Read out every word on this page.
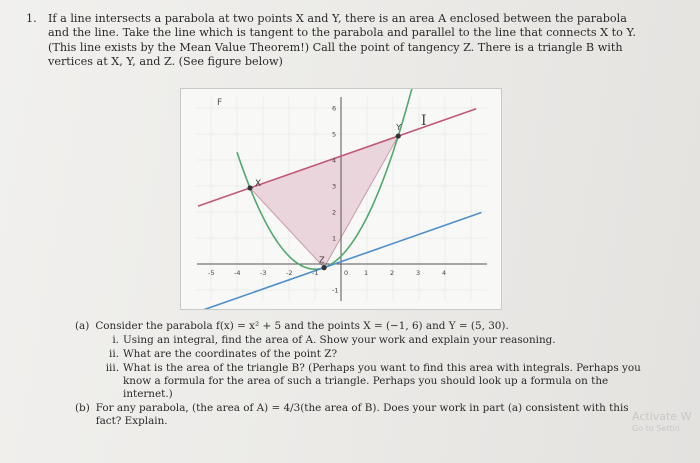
1.	If a line intersects a parabola at two points X and Y, there is an area A enclosed between the parabola and the line. Take the line which is tangent to the parabola and parallel to the line that connects X to Y. (This line exists by the Mean Value Theorem!) Call the point of tangency Z. There is a triangle B with vertices at X, Y, and Z. (See figure below)
-5	-4	-3	-2	-1	0 1	2	3	4
6
5
4
3
2
1
-1
X
Y
Z
F
I
(a) Consider the parabola f(x) = x² + 5 and the points X = (−1, 6) and Y = (5, 30).
i. Using an integral, find the area of A. Show your work and explain your reasoning.
ii. What are the coordinates of the point Z?
iii. What is the area of the triangle B? (Perhaps you want to find this area with integrals. Perhaps you know a formula for the area of such a triangle. Perhaps you should look up a formula on the internet.)
(b) For any parabola, (the area of A) = 4/3(the area of B). Does your work in part (a) consistent with this fact? Explain.	Activate W
Go to Settin
